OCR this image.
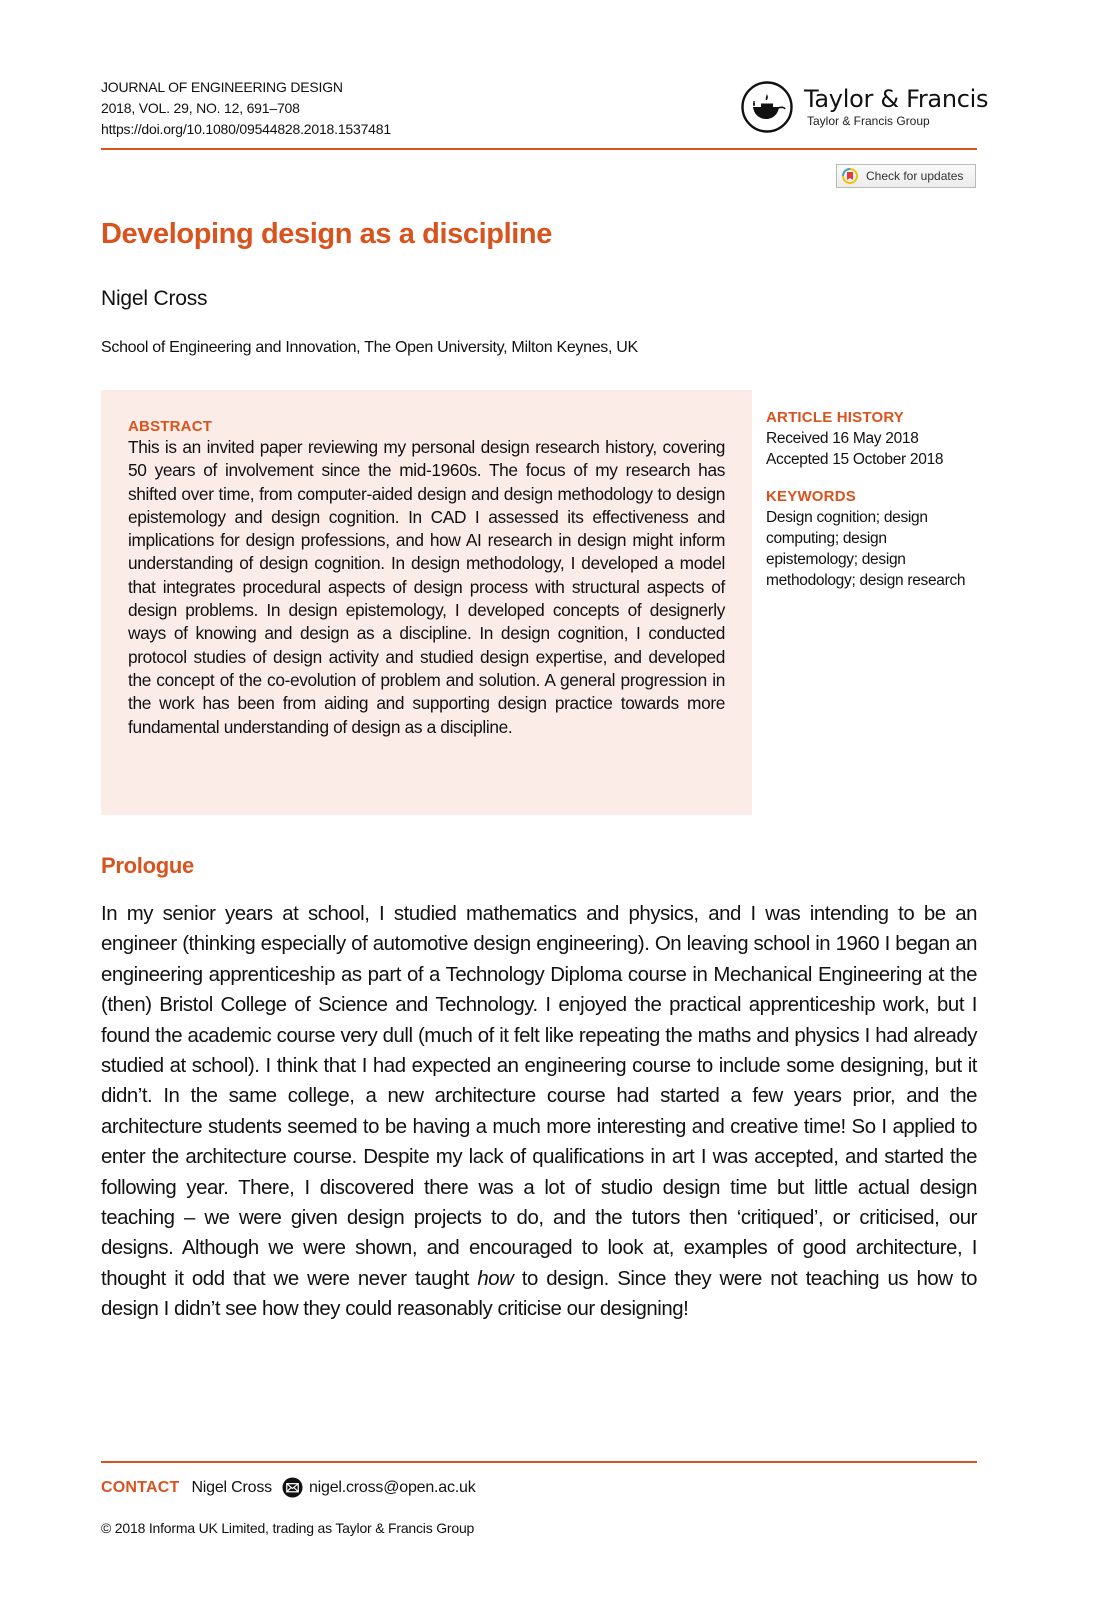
JOURNAL OF ENGINEERING DESIGN
2018, VOL. 29, NO. 12, 691–708
https://doi.org/10.1080/09544828.2018.1537481
Taylor & Francis
Taylor & Francis Group
Check for updates
Developing design as a discipline
Nigel Cross
School of Engineering and Innovation, The Open University, Milton Keynes, UK
ABSTRACT
This is an invited paper reviewing my personal design research history, covering 50 years of involvement since the mid-1960s. The focus of my research has shifted over time, from computer-aided design and design methodology to design epistemology and design cognition. In CAD I assessed its effectiveness and implications for design professions, and how AI research in design might inform understanding of design cognition. In design methodology, I developed a model that integrates procedural aspects of design process with structural aspects of design problems. In design epistemology, I developed concepts of designerly ways of knowing and design as a discipline. In design cognition, I conducted protocol studies of design activity and studied design expertise, and developed the concept of the co-evolution of problem and solution. A general progression in the work has been from aiding and supporting design practice towards more fundamental understanding of design as a discipline.
ARTICLE HISTORY
Received 16 May 2018
Accepted 15 October 2018
KEYWORDS
Design cognition; design computing; design epistemology; design methodology; design research
Prologue
In my senior years at school, I studied mathematics and physics, and I was intending to be an engineer (thinking especially of automotive design engineering). On leaving school in 1960 I began an engineering apprenticeship as part of a Technology Diploma course in Mechanical Engineering at the (then) Bristol College of Science and Technology. I enjoyed the practical apprenticeship work, but I found the academic course very dull (much of it felt like repeating the maths and physics I had already studied at school). I think that I had expected an engineering course to include some designing, but it didn’t. In the same college, a new architecture course had started a few years prior, and the architecture students seemed to be having a much more interesting and creative time! So I applied to enter the architecture course. Despite my lack of qualifications in art I was accepted, and started the following year. There, I discovered there was a lot of studio design time but little actual design teaching – we were given design projects to do, and the tutors then ‘critiqued’, or criticised, our designs. Although we were shown, and encouraged to look at, examples of good architecture, I thought it odd that we were never taught how to design. Since they were not teaching us how to design I didn’t see how they could reasonably criticise our designing!
CONTACT Nigel Cross nigel.cross@open.ac.uk
© 2018 Informa UK Limited, trading as Taylor & Francis Group
